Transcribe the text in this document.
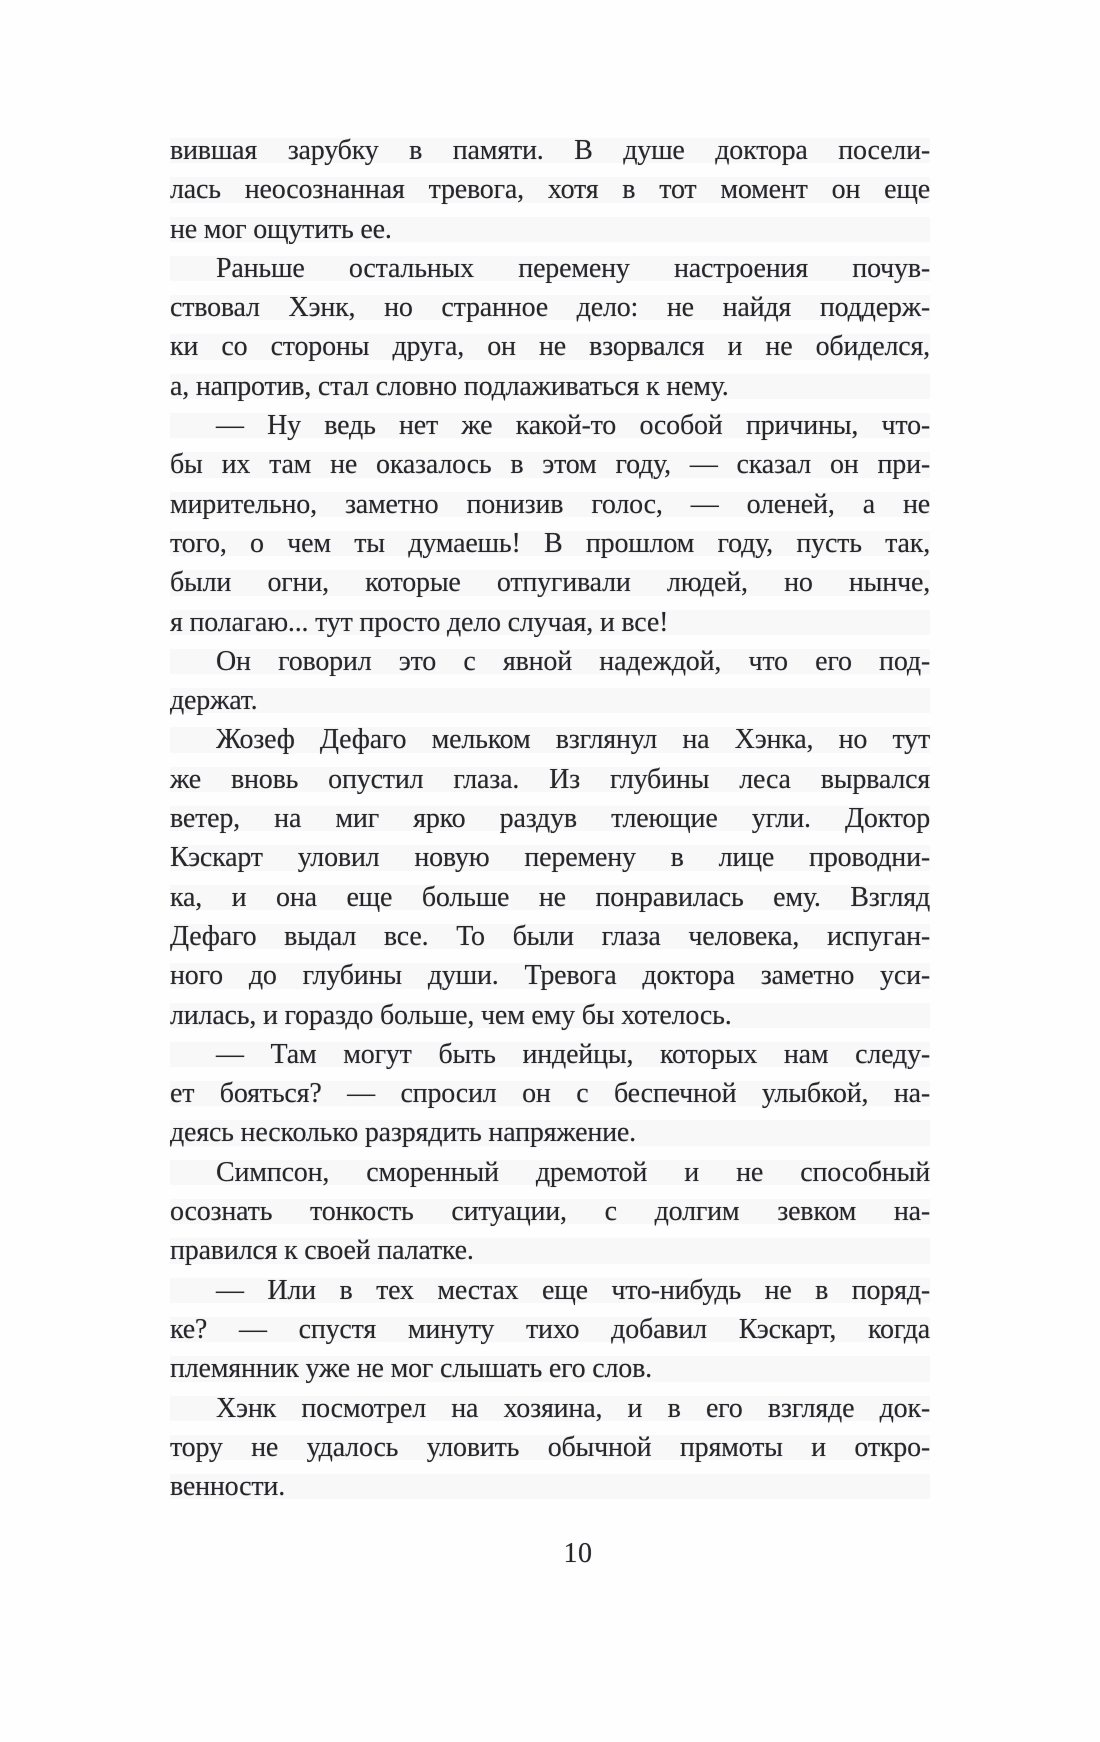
вившая зарубку в памяти. В душе доктора посели-
лась неосознанная тревога, хотя в тот момент он еще
не мог ощутить ее.
Раньше остальных перемену настроения почув-
ствовал Хэнк, но странное дело: не найдя поддерж-
ки со стороны друга, он не взорвался и не обиделся,
а, напротив, стал словно подлаживаться к нему.
— Ну ведь нет же какой-то особой причины, что-
бы их там не оказалось в этом году, — сказал он при-
мирительно, заметно понизив голос, — оленей, а не
того, о чем ты думаешь! В прошлом году, пусть так,
были огни, которые отпугивали людей, но нынче,
я полагаю... тут просто дело случая, и все!
Он говорил это с явной надеждой, что его под-
держат.
Жозеф Дефаго мельком взглянул на Хэнка, но тут
же вновь опустил глаза. Из глубины леса вырвался
ветер, на миг ярко раздув тлеющие угли. Доктор
Кэскарт уловил новую перемену в лице проводни-
ка, и она еще больше не понравилась ему. Взгляд
Дефаго выдал все. То были глаза человека, испуган-
ного до глубины души. Тревога доктора заметно уси-
лилась, и гораздо больше, чем ему бы хотелось.
— Там могут быть индейцы, которых нам следу-
ет бояться? — спросил он с беспечной улыбкой, на-
деясь несколько разрядить напряжение.
Симпсон, сморенный дремотой и не способный
осознать тонкость ситуации, с долгим зевком на-
правился к своей палатке.
— Или в тех местах еще что-нибудь не в поряд-
ке? — спустя минуту тихо добавил Кэскарт, когда
племянник уже не мог слышать его слов.
Хэнк посмотрел на хозяина, и в его взгляде док-
тору не удалось уловить обычной прямоты и откро-
венности.
10
